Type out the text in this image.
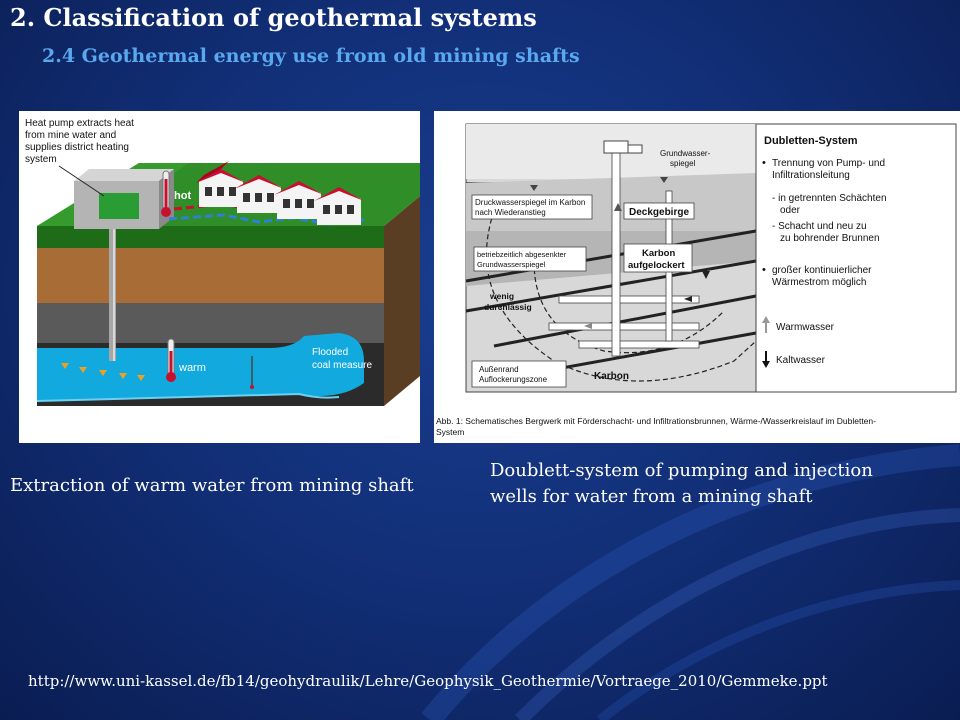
2. Classification of geothermal systems
2.4 Geothermal energy use from old mining shafts
hot
warm
Flooded
coal measure
Heat pump extracts heat
from mine water and
supplies district heating
system
Druckwasserspiegel im Karbon
nach Wiederanstieg	Deckgebirge
Grundwasser-
spiegel
betriebzeitlich abgesenkter
Grundwasserspiegel
Karbon
aufgelockert
wenig
durchlässig
Außenrand
Auflockerungszone	Karbon
Dubletten-System
• Trennung von Pump- und
Infiltrationsleitung
- in getrennten Schächten
oder
- Schacht und neu zu
zu bohrender Brunnen
• großer kontinuierlicher
Wärmestrom möglich
Warmwasser
Kaltwasser
Abb. 1: Schematisches Bergwerk mit Förderschacht- und Infiltrationsbrunnen, Wärme-/Wasserkreislauf im Dubletten-
System
Extraction of warm water from mining shaft
Doublett-system of pumping and injection
wells for water from a mining shaft
http://www.uni-kassel.de/fb14/geohydraulik/Lehre/Geophysik_Geothermie/Vortraege_2010/Gemmeke.ppt
